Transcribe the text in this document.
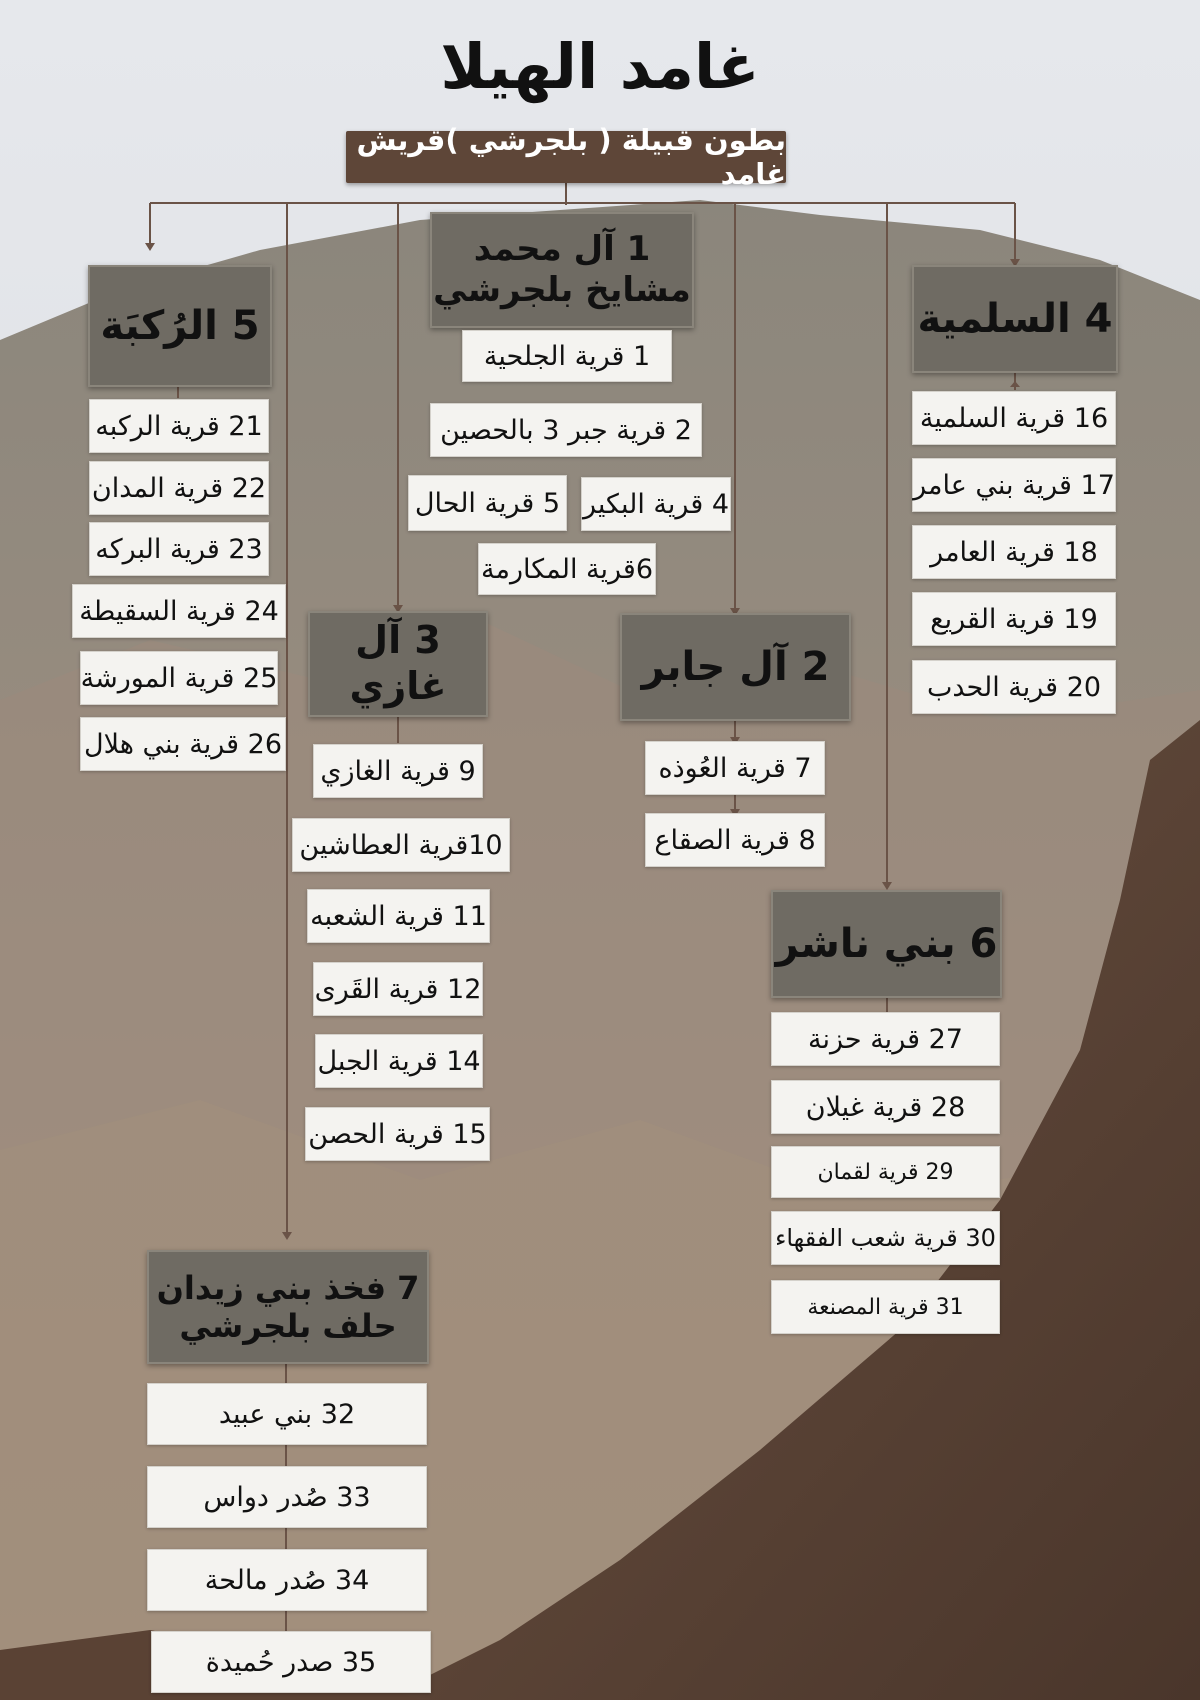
غامد الهيلا
بطون قبيلة ( بلجرشي )قريش غامد
1 آل محمد
مشايخ بلجرشي
1 قرية الجلحية
2 قرية جبر 3 بالحصين
4 قرية البكير
5 قرية الحال
6قرية المكارمة
2 آل جابر
7 قرية العُوذه
8 قرية الصقاع
3 آل غازي
9 قرية الغازي
10قرية العطاشين
11 قرية الشعبه
12 قرية القَرى
14 قرية الجبل
15 قرية الحصن
4 السلمية
16 قرية السلمية
17 قرية بني عامر
18 قرية العامر
19 قرية القريع
20 قرية الحدب
5 الرُكبَة
21 قرية الركبه
22 قرية المدان
23 قرية البركه
24 قرية السقيطة
25 قرية المورشة
26 قرية بني هلال
6 بني ناشر
27 قرية حزنة
28 قرية غيلان
29 قرية لقمان
30 قرية شعب الفقهاء
31 قرية المصنعة
7 فخذ بني زيدان
حلف بلجرشي
32 بني عبيد
33 صُدر دواس
34 صُدر مالحة
35 صدر حُميدة
